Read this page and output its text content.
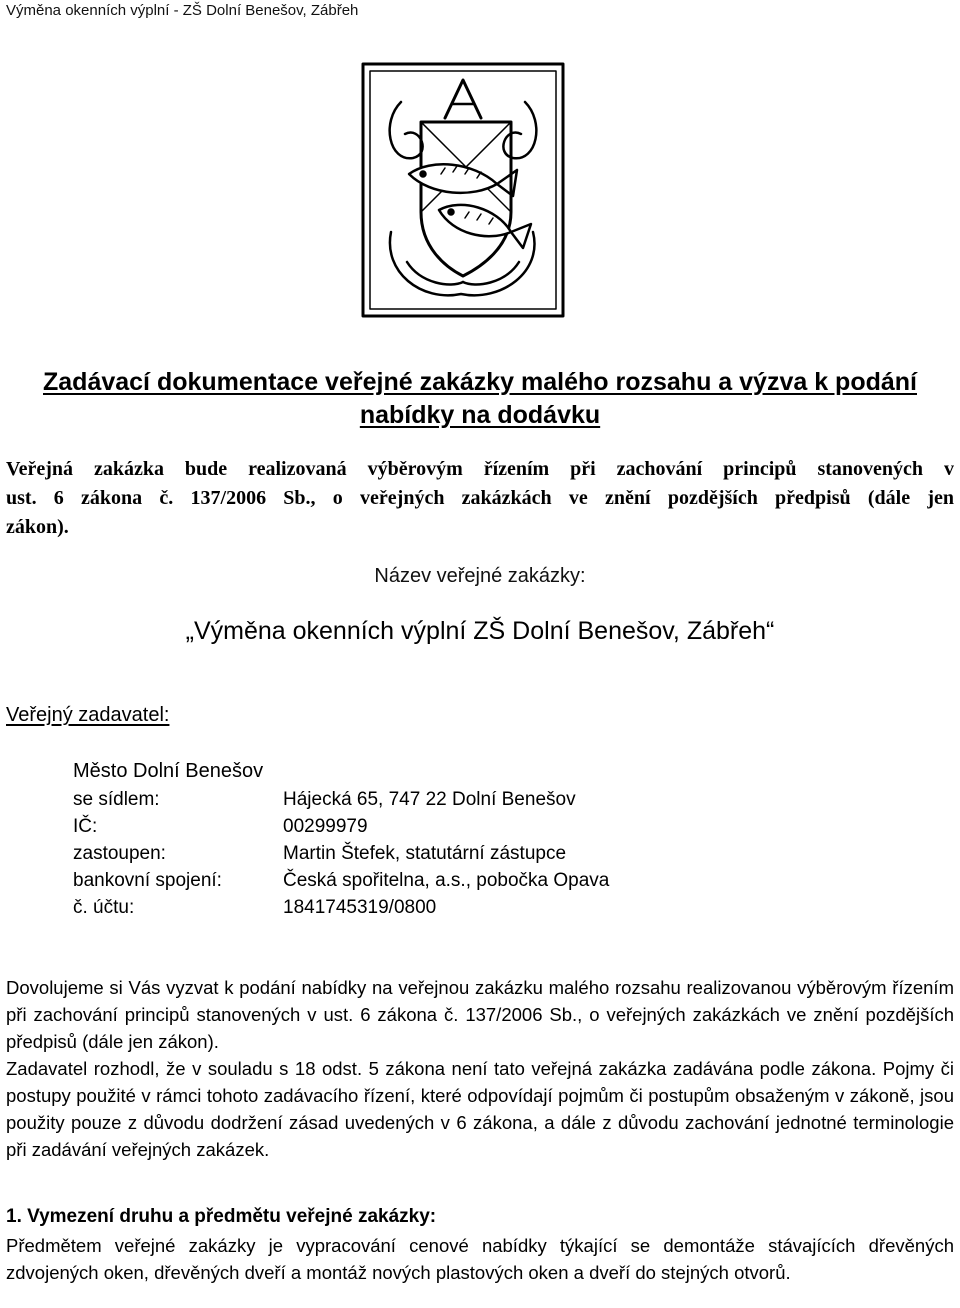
Výměna okenních výplní - ZŠ Dolní Benešov, Zábřeh
Zadávací dokumentace veřejné zakázky malého rozsahu a výzva k podání
nabídky na dodávku
Veřejná zakázka bude realizovaná výběrovým řízením při zachování principů stanovených v
ust. 6 zákona č. 137/2006 Sb., o veřejných zakázkách ve znění pozdějších předpisů (dále jen
zákon).
Název veřejné zakázky:
„Výměna okenních výplní ZŠ Dolní Benešov, Zábřeh“
Veřejný zadavatel:
Město Dolní Benešov
se sídlem:	Hájecká 65, 747 22 Dolní Benešov
IČ:	00299979
zastoupen:	Martin Štefek, statutární zástupce
bankovní spojení:	Česká spořitelna, a.s., pobočka Opava
č. účtu:	1841745319/0800
Dovolujeme si Vás vyzvat k podání nabídky na veřejnou zakázku malého rozsahu realizovanou výběrovým řízením při zachování principů stanovených v ust. 6 zákona č. 137/2006 Sb., o veřejných zakázkách ve znění pozdějších předpisů (dále jen zákon).
Zadavatel rozhodl, že v souladu s 18 odst. 5 zákona není tato veřejná zakázka zadávána podle zákona. Pojmy či postupy použité v rámci tohoto zadávacího řízení, které odpovídají pojmům či postupům obsaženým v zákoně, jsou použity pouze z důvodu dodržení zásad uvedených v 6 zákona, a dále z důvodu zachování jednotné terminologie při zadávání veřejných zakázek.
1. Vymezení druhu a předmětu veřejné zakázky:
Předmětem veřejné zakázky je vypracování cenové nabídky týkající se demontáže stávajících dřevěných zdvojených oken, dřevěných dveří a montáž nových plastových oken a dveří do stejných otvorů.
